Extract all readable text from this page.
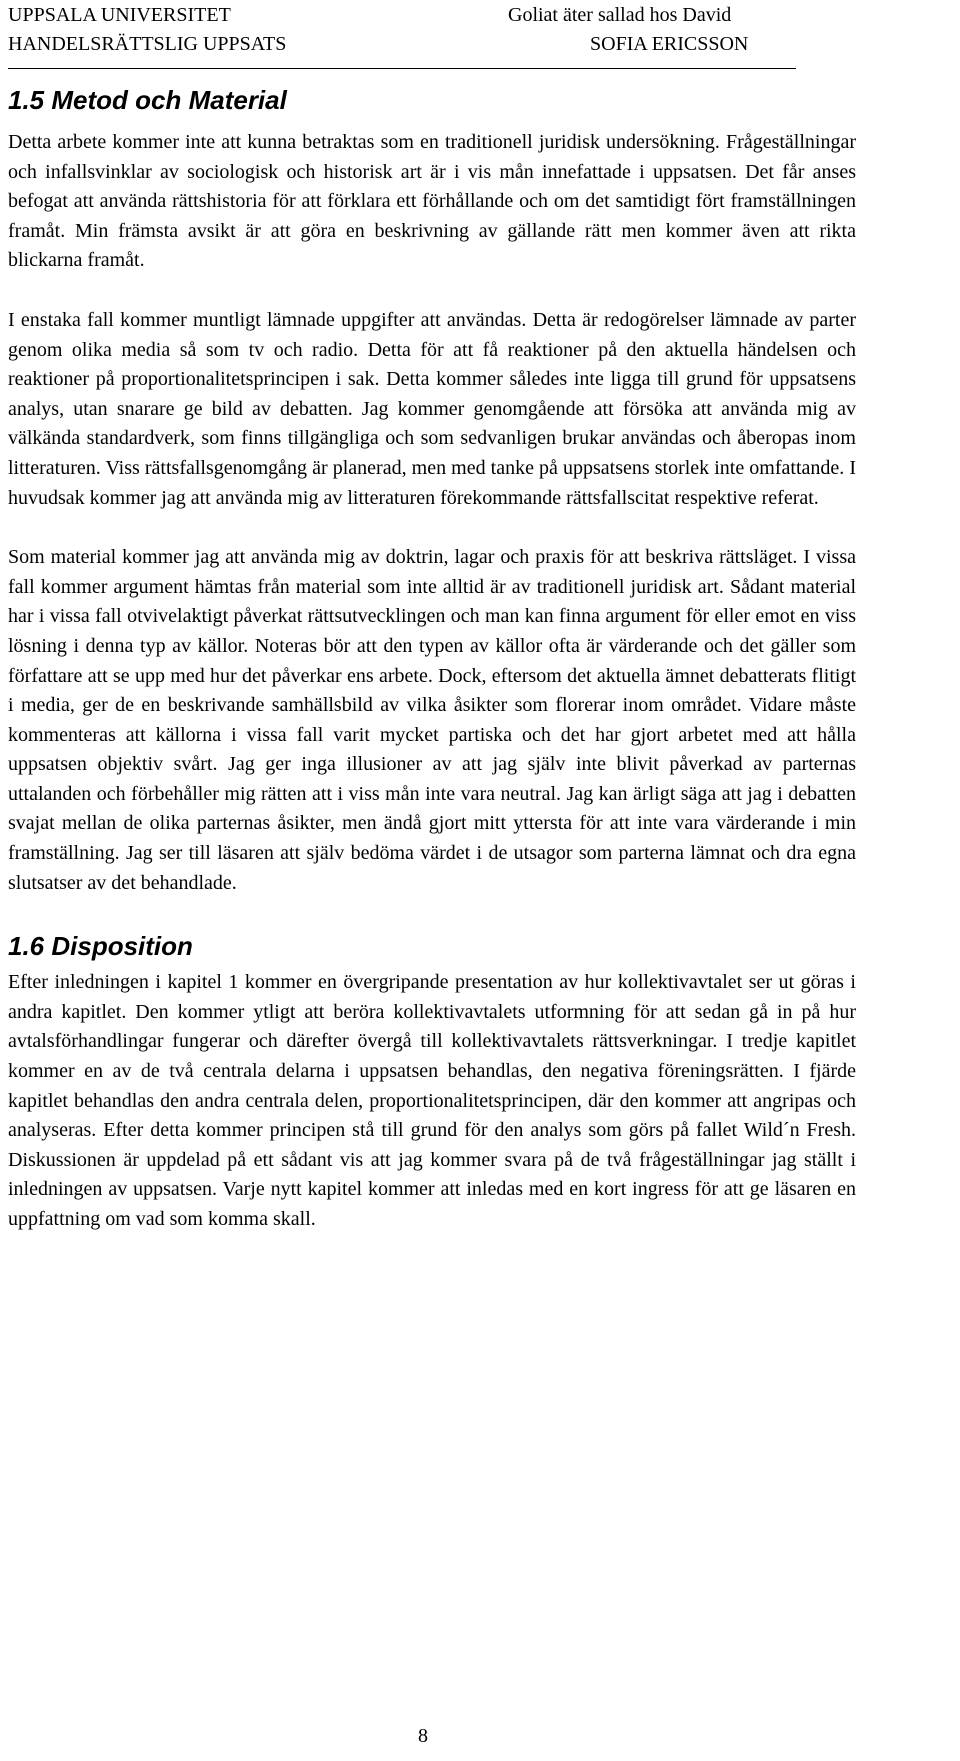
UPPSALA UNIVERSITET
HANDELSRÄTTSLIG UPPSATS
Goliat äter sallad hos David
SOFIA ERICSSON
1.5 Metod och Material

Detta arbete kommer inte att kunna betraktas som en traditionell juridisk undersökning. Frågeställningar och infallsvinklar av sociologisk och historisk art är i vis mån innefattade i uppsatsen. Det får anses befogat att använda rättshistoria för att förklara ett förhållande och om det samtidigt fört framställningen framåt. Min främsta avsikt är att göra en beskrivning av gällande rätt men kommer även att rikta blickarna framåt.

I enstaka fall kommer muntligt lämnade uppgifter att användas. Detta är redogörelser lämnade av parter genom olika media så som tv och radio. Detta för att få reaktioner på den aktuella händelsen och reaktioner på proportionalitetsprincipen i sak. Detta kommer således inte ligga till grund för uppsatsens analys, utan snarare ge bild av debatten. Jag kommer genomgående att försöka att använda mig av välkända standardverk, som finns tillgängliga och som sedvanligen brukar användas och åberopas inom litteraturen. Viss rättsfallsgenomgång är planerad, men med tanke på uppsatsens storlek inte omfattande. I huvudsak kommer jag att använda mig av litteraturen förekommande rättsfallscitat respektive referat.

Som material kommer jag att använda mig av doktrin, lagar och praxis för att beskriva rättsläget. I vissa fall kommer argument hämtas från material som inte alltid är av traditionell juridisk art. Sådant material har i vissa fall otvivelaktigt påverkat rättsutvecklingen och man kan finna argument för eller emot en viss lösning i denna typ av källor. Noteras bör att den typen av källor ofta är värderande och det gäller som författare att se upp med hur det påverkar ens arbete. Dock, eftersom det aktuella ämnet debatterats flitigt i media, ger de en beskrivande samhällsbild av vilka åsikter som florerar inom området. Vidare måste kommenteras att källorna i vissa fall varit mycket partiska och det har gjort arbetet med att hålla uppsatsen objektiv svårt. Jag ger inga illusioner av att jag själv inte blivit påverkad av parternas uttalanden och förbehåller mig rätten att i viss mån inte vara neutral. Jag kan ärligt säga att jag i debatten svajat mellan de olika parternas åsikter, men ändå gjort mitt yttersta för att inte vara värderande i min framställning. Jag ser till läsaren att själv bedöma värdet i de utsagor som parterna lämnat och dra egna slutsatser av det behandlade.

1.6 Disposition

Efter inledningen i kapitel 1 kommer en övergripande presentation av hur kollektivavtalet ser ut göras i andra kapitlet. Den kommer ytligt att beröra kollektivavtalets utformning för att sedan gå in på hur avtalsförhandlingar fungerar och därefter övergå till kollektivavtalets rättsverkningar. I tredje kapitlet kommer en av de två centrala delarna i uppsatsen behandlas, den negativa föreningsrätten. I fjärde kapitlet behandlas den andra centrala delen, proportionalitetsprincipen, där den kommer att angripas och analyseras. Efter detta kommer principen stå till grund för den analys som görs på fallet Wild´n Fresh. Diskussionen är uppdelad på ett sådant vis att jag kommer svara på de två frågeställningar jag ställt i inledningen av uppsatsen. Varje nytt kapitel kommer att inledas med en kort ingress för att ge läsaren en uppfattning om vad som komma skall.

8
